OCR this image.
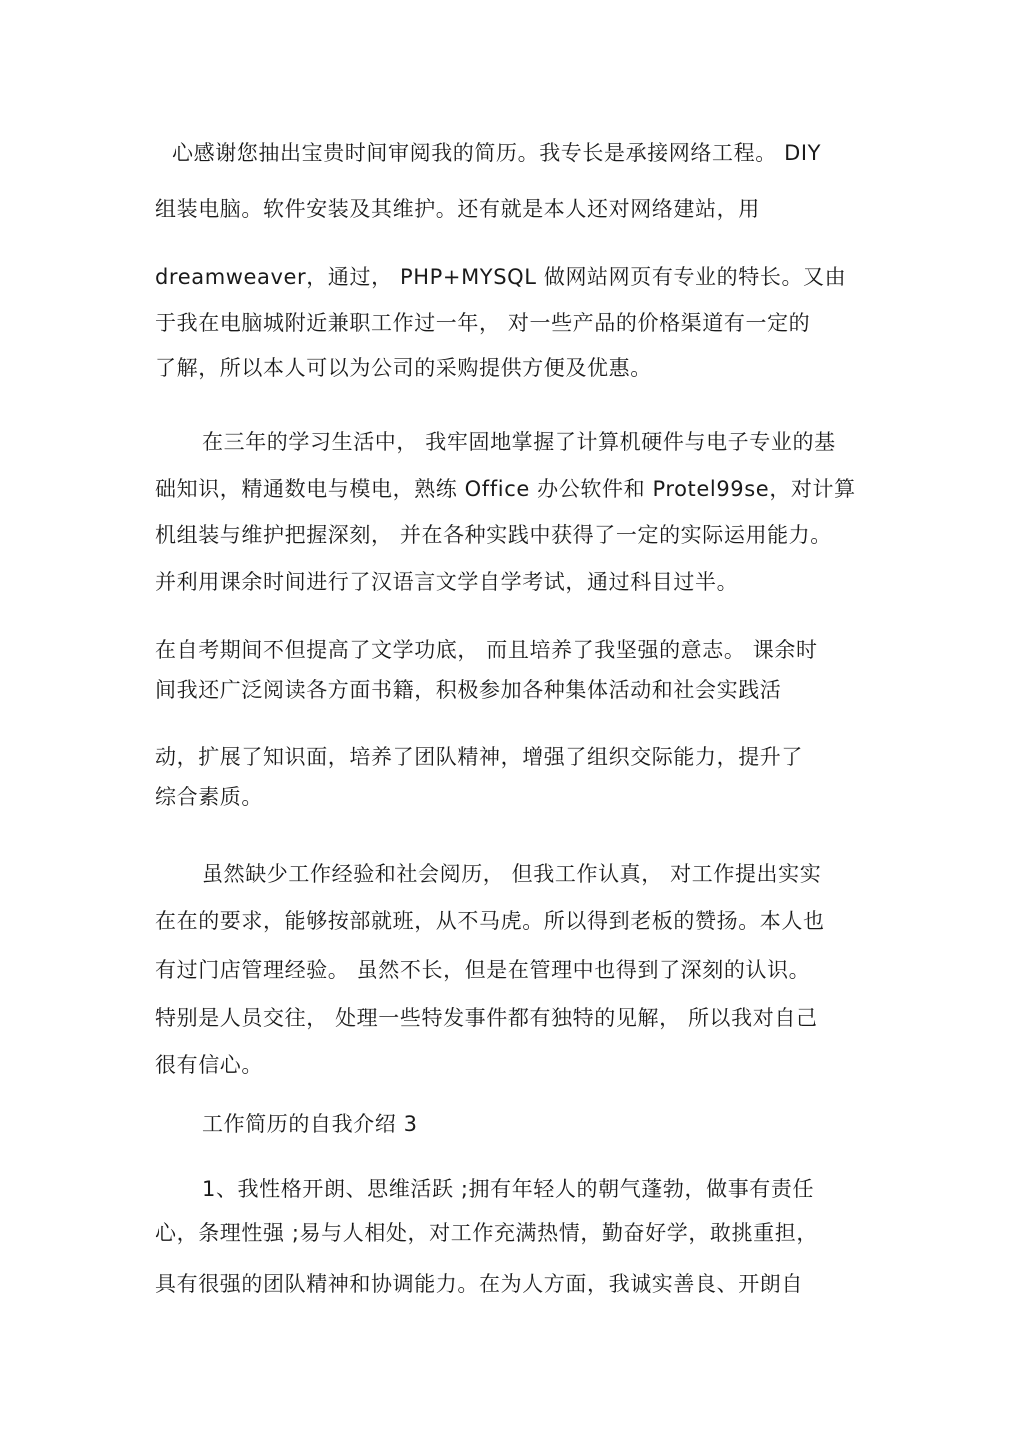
心感谢您抽出宝贵时间审阅我的简历。我专长是承接网络工程。 DIY
组装电脑。软件安装及其维护。还有就是本人还对网络建站，用
dreamweaver，通过， PHP+MYSQL 做网站网页有专业的特长。又由
于我在电脑城附近兼职工作过一年， 对一些产品的价格渠道有一定的
了解，所以本人可以为公司的采购提供方便及优惠。
在三年的学习生活中， 我牢固地掌握了计算机硬件与电子专业的基
础知识，精通数电与模电，熟练 Office 办公软件和 Protel99se，对计算
机组装与维护把握深刻， 并在各种实践中获得了一定的实际运用能力。
并利用课余时间进行了汉语言文学自学考试，通过科目过半。
在自考期间不但提高了文学功底， 而且培养了我坚强的意志。 课余时
间我还广泛阅读各方面书籍，积极参加各种集体活动和社会实践活
动，扩展了知识面，培养了团队精神，增强了组织交际能力，提升了
综合素质。
虽然缺少工作经验和社会阅历， 但我工作认真， 对工作提出实实
在在的要求，能够按部就班，从不马虎。所以得到老板的赞扬。本人也
有过门店管理经验。 虽然不长，但是在管理中也得到了深刻的认识。
特别是人员交往， 处理一些特发事件都有独特的见解， 所以我对自己
很有信心。
工作简历的自我介绍 3
1、我性格开朗、思维活跃 ;拥有年轻人的朝气蓬勃，做事有责任
心，条理性强 ;易与人相处，对工作充满热情，勤奋好学，敢挑重担，
具有很强的团队精神和协调能力。在为人方面，我诚实善良、开朗自
